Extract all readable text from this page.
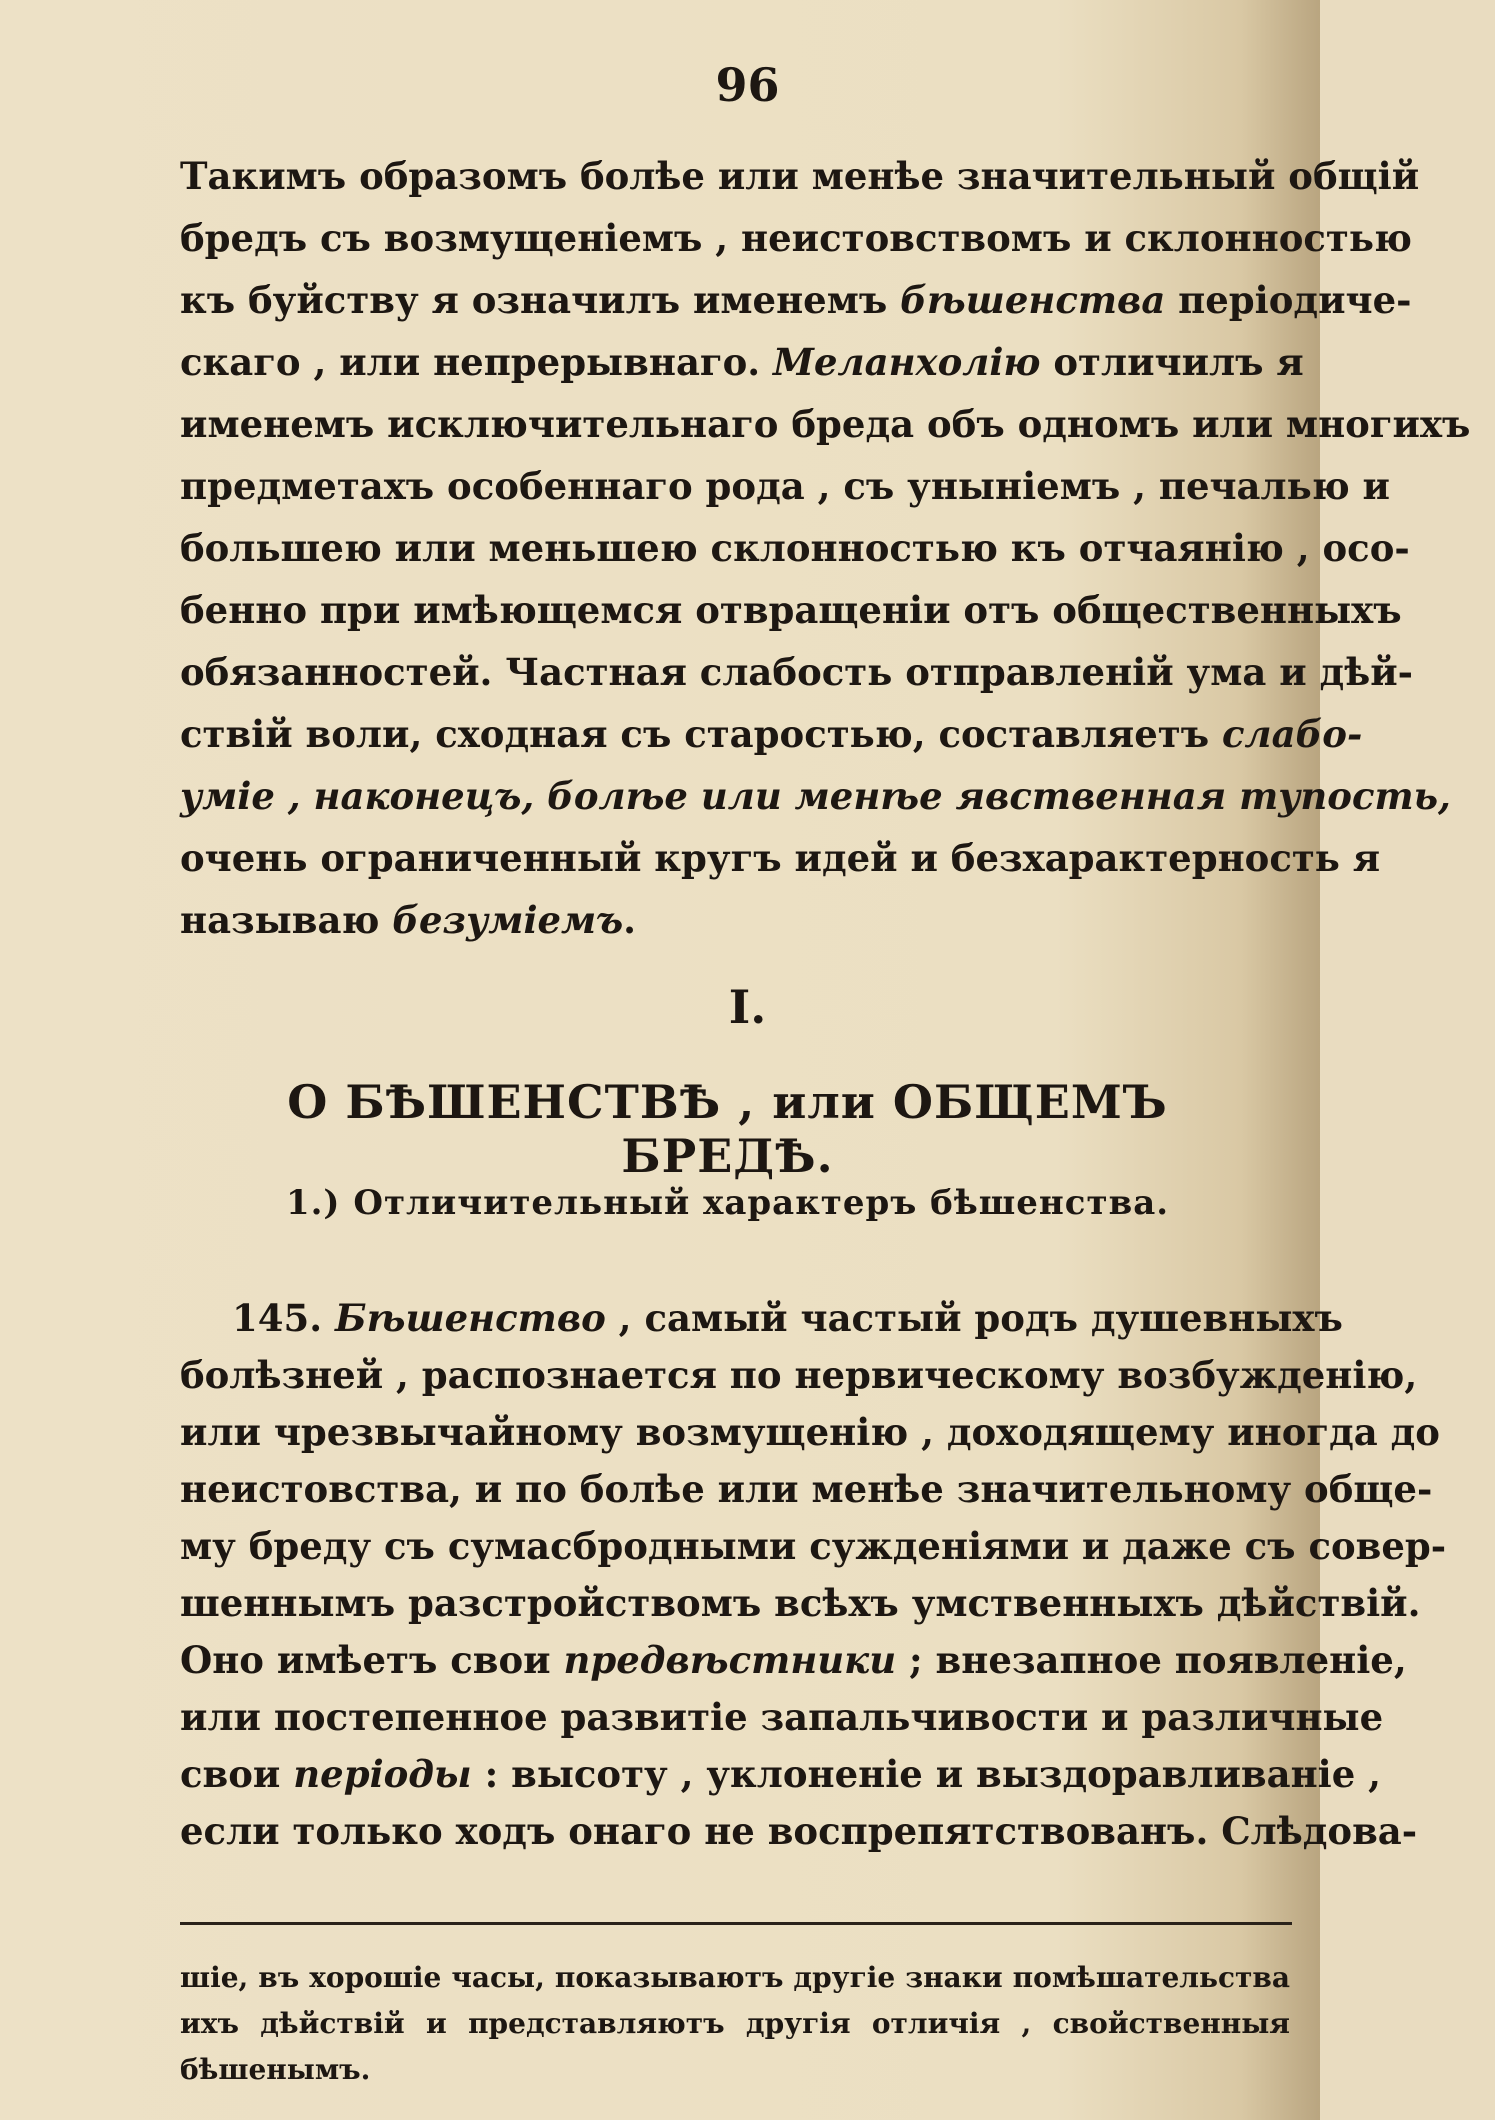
96
Такимъ образомъ болѣе или менѣе значительный общій
бредъ съ возмущеніемъ , неистовствомъ и склонностью
къ буйству я означилъ именемъ бѣшенства періодиче-
скаго , или непрерывнаго. Меланхолію отличилъ я
именемъ исключительнаго бреда объ одномъ или многихъ
предметахъ особеннаго рода , съ уныніемъ , печалью и
большею или меньшею склонностью къ отчаянію , осо-
бенно при имѣющемся отвращеніи отъ общественныхъ
обязанностей. Частная слабость отправленій ума и дѣй-
ствій воли, сходная съ старостью, составляетъ слабо-
умie , наконецъ, болѣе или менѣе явственная тупость,
очень ограниченный кругъ идей и безхарактерность я
называю безуміемъ.
I.
О БѢШЕНСТВѢ , или ОБЩЕМЪ БРЕДѢ.
1.) Отличительный характеръ бѣшенства.
145. Бѣшенство , самый частый родъ душевныхъ
болѣзней , распознается по нервическому возбужденію,
или чрезвычайному возмущенію , доходящему иногда до
неистовства, и по болѣе или менѣе значительному обще-
му бреду съ сумасбродными сужденіями и даже съ совер-
шеннымъ разстройствомъ всѣхъ умственныхъ дѣйствій.
Оно имѣетъ свои предвѣстники ; внезапное появленіе,
или постепенное развитіе запальчивости и различные
свои періоды : высоту , уклоненіе и выздоравливаніе ,
если только ходъ онаго не воспрепятствованъ. Слѣдова-
шіе, въ хорошіе часы, показываютъ другіе знаки помѣшательства
ихъ дѣйствій и представляютъ другія отличія , свойственныя
бѣшенымъ.
